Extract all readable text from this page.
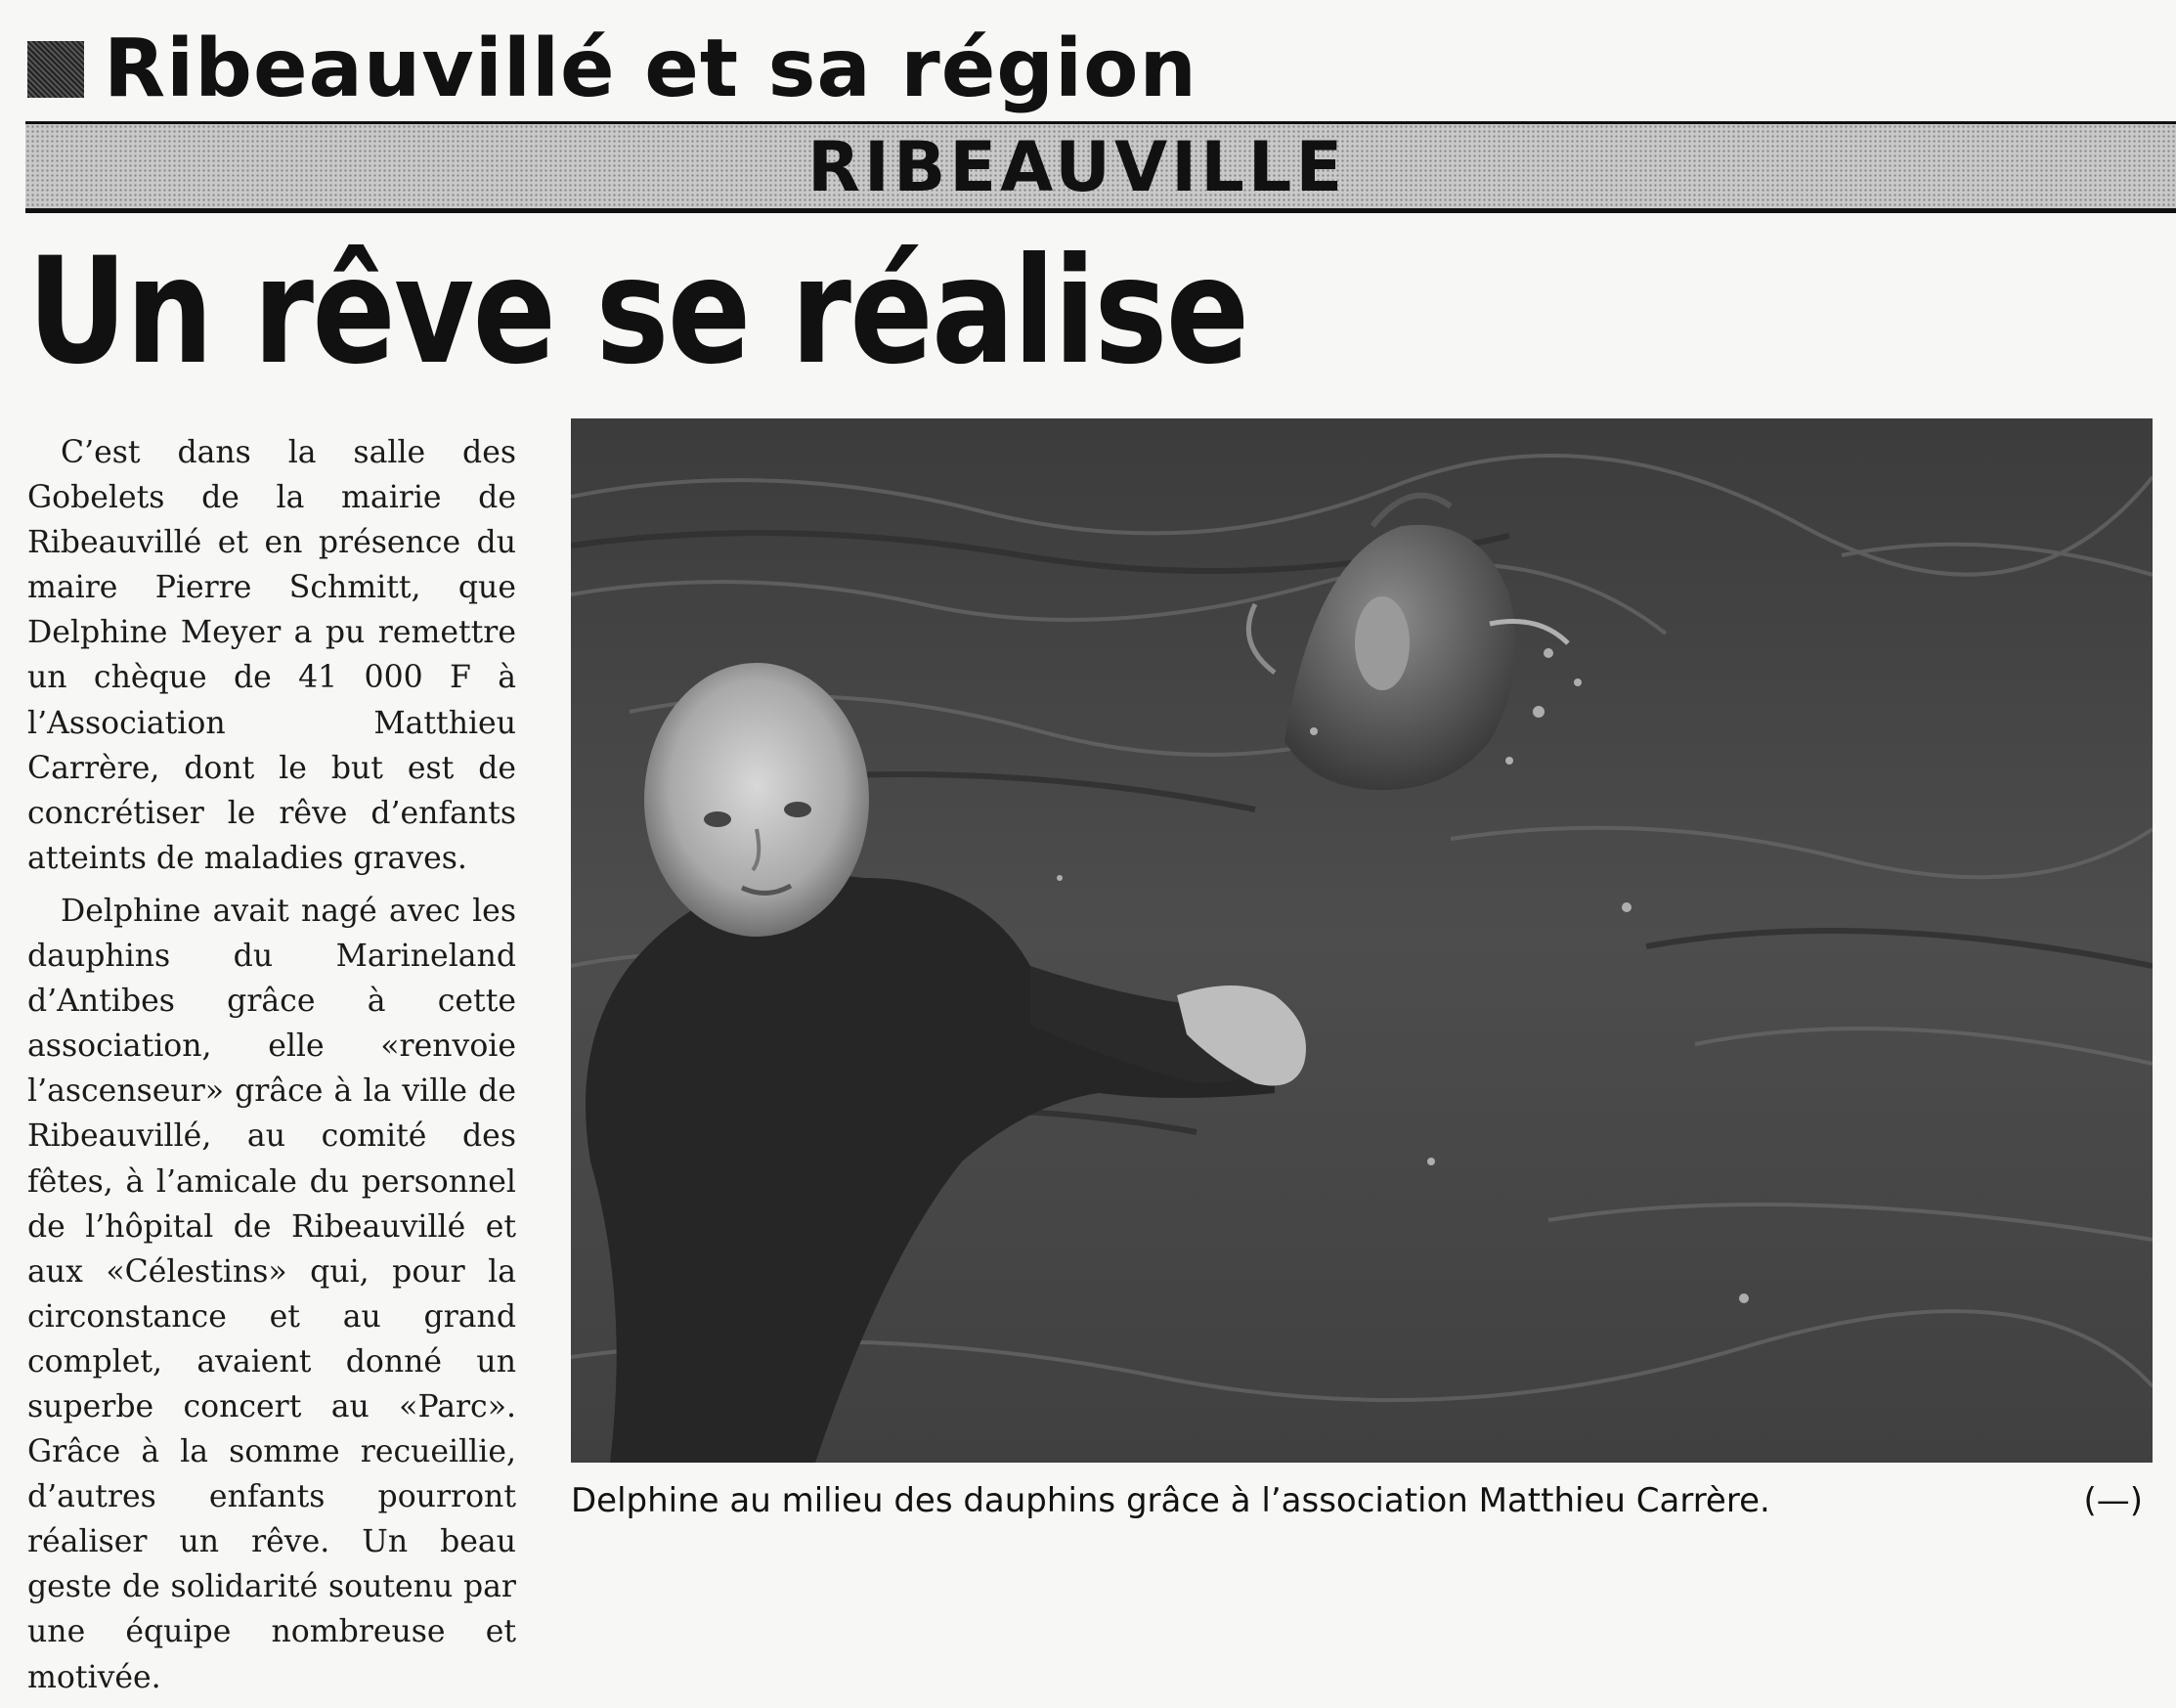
Ribeauvillé et sa région
RIBEAUVILLE
Un rêve se réalise

C’est dans la salle des Gobelets de la mairie de Ribeauvillé et en présence du maire Pierre Schmitt, que Delphine Meyer a pu remettre un chèque de 41 000 F à l’Association Matthieu Carrère, dont le but est de concrétiser le rêve d’enfants atteints de maladies graves.

Delphine avait nagé avec les dauphins du Marineland d’Antibes grâce à cette association, elle «renvoie l’ascenseur» grâce à la ville de Ribeauvillé, au comité des fêtes, à l’amicale du personnel de l’hôpital de Ribeauvillé et aux «Célestins» qui, pour la circonstance et au grand complet, avaient donné un superbe concert au «Parc». Grâce à la somme recueillie, d’autres enfants pourront réaliser un rêve. Un beau geste de solidarité soutenu par une équipe nombreuse et motivée.

Delphine au milieu des dauphins grâce à l’association Matthieu Carrère.	(—)
